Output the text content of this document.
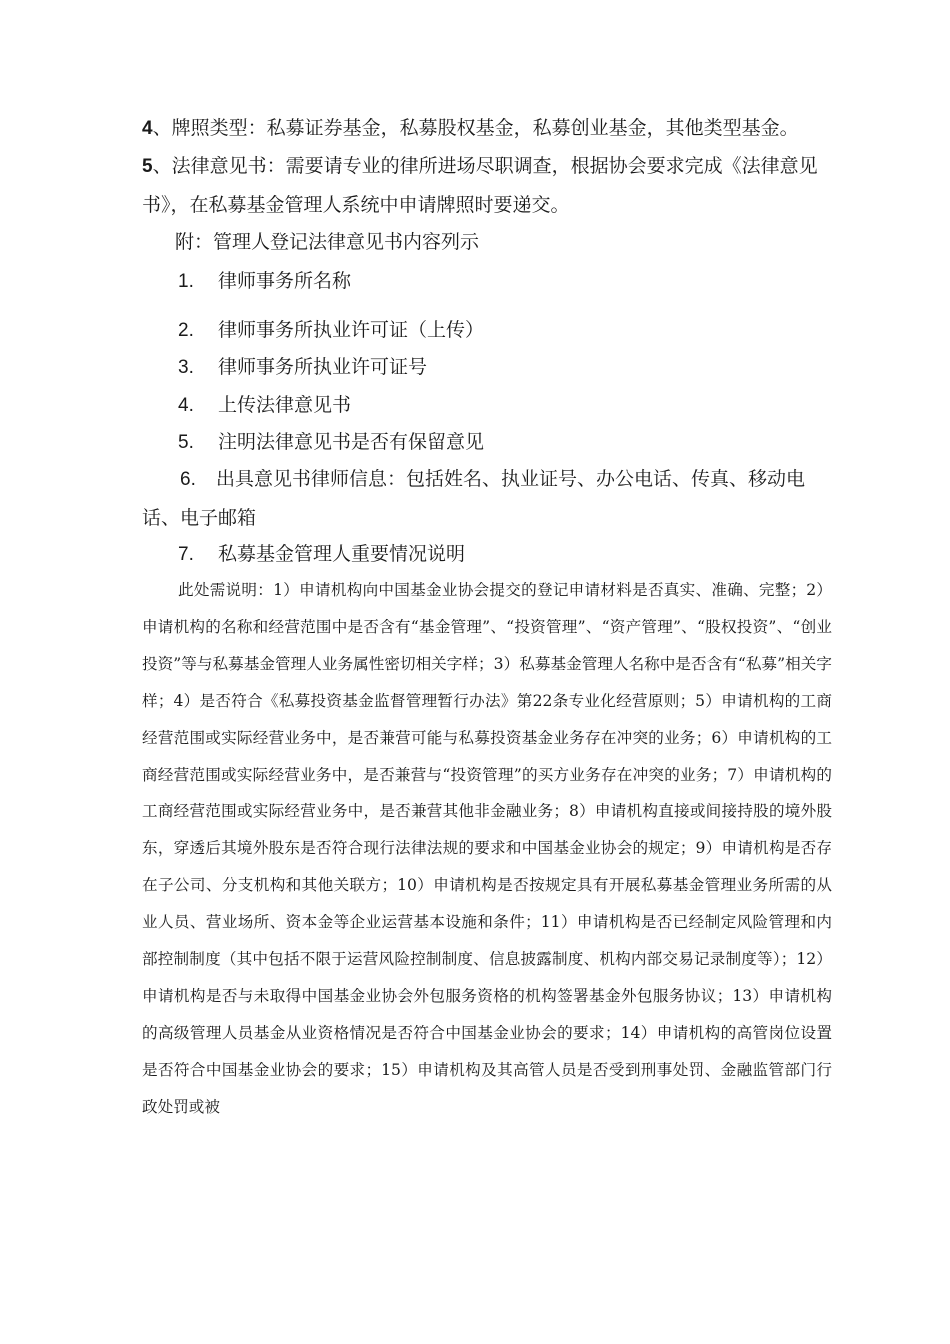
4、牌照类型：私募证券基金，私募股权基金，私募创业基金，其他类型基金。

5、法律意见书：需要请专业的律所进场尽职调查，根据协会要求完成《法律意见书》，在私募基金管理人系统中申请牌照时要递交。

附：管理人登记法律意见书内容列示

1. 律师事务所名称

2. 律师事务所执业许可证（上传）

3. 律师事务所执业许可证号

4. 上传法律意见书

5. 注明法律意见书是否有保留意见

6. 出具意见书律师信息：包括姓名、执业证号、办公电话、传真、移动电话、电子邮箱

7. 私募基金管理人重要情况说明

此处需说明：1）申请机构向中国基金业协会提交的登记申请材料是否真实、准确、完整；2）申请机构的名称和经营范围中是否含有“基金管理”、“投资管理”、“资产管理”、“股权投资”、“创业投资”等与私募基金管理人业务属性密切相关字样；3）私募基金管理人名称中是否含有“私募”相关字样；4）是否符合《私募投资基金监督管理暂行办法》第22条专业化经营原则；5）申请机构的工商经营范围或实际经营业务中，是否兼营可能与私募投资基金业务存在冲突的业务；6）申请机构的工商经营范围或实际经营业务中，是否兼营与“投资管理”的买方业务存在冲突的业务；7）申请机构的工商经营范围或实际经营业务中，是否兼营其他非金融业务；8）申请机构直接或间接持股的境外股东，穿透后其境外股东是否符合现行法律法规的要求和中国基金业协会的规定；9）申请机构是否存在子公司、分支机构和其他关联方；10）申请机构是否按规定具有开展私募基金管理业务所需的从业人员、营业场所、资本金等企业运营基本设施和条件；11）申请机构是否已经制定风险管理和内部控制制度（其中包括不限于运营风险控制制度、信息披露制度、机构内部交易记录制度等）；12）申请机构是否与未取得中国基金业协会外包服务资格的机构签署基金外包服务协议；13）申请机构的高级管理人员基金从业资格情况是否符合中国基金业协会的要求；14）申请机构的高管岗位设置是否符合中国基金业协会的要求；15）申请机构及其高管人员是否受到刑事处罚、金融监管部门行政处罚或被
